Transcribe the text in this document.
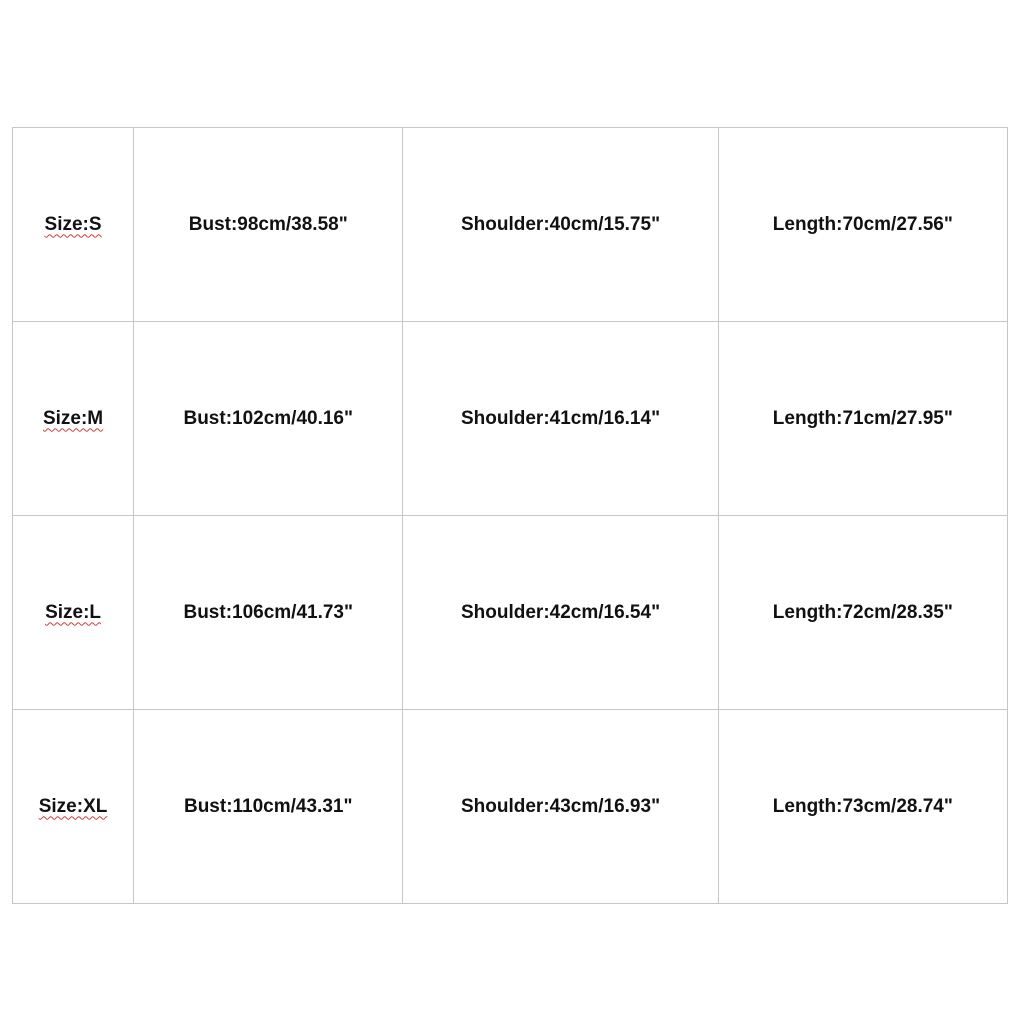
Size:S	Bust:98cm/38.58"	Shoulder:40cm/15.75"	Length:70cm/27.56"
Size:M	Bust:102cm/40.16"	Shoulder:41cm/16.14"	Length:71cm/27.95"
Size:L	Bust:106cm/41.73"	Shoulder:42cm/16.54"	Length:72cm/28.35"
Size:XL	Bust:110cm/43.31"	Shoulder:43cm/16.93"	Length:73cm/28.74"
